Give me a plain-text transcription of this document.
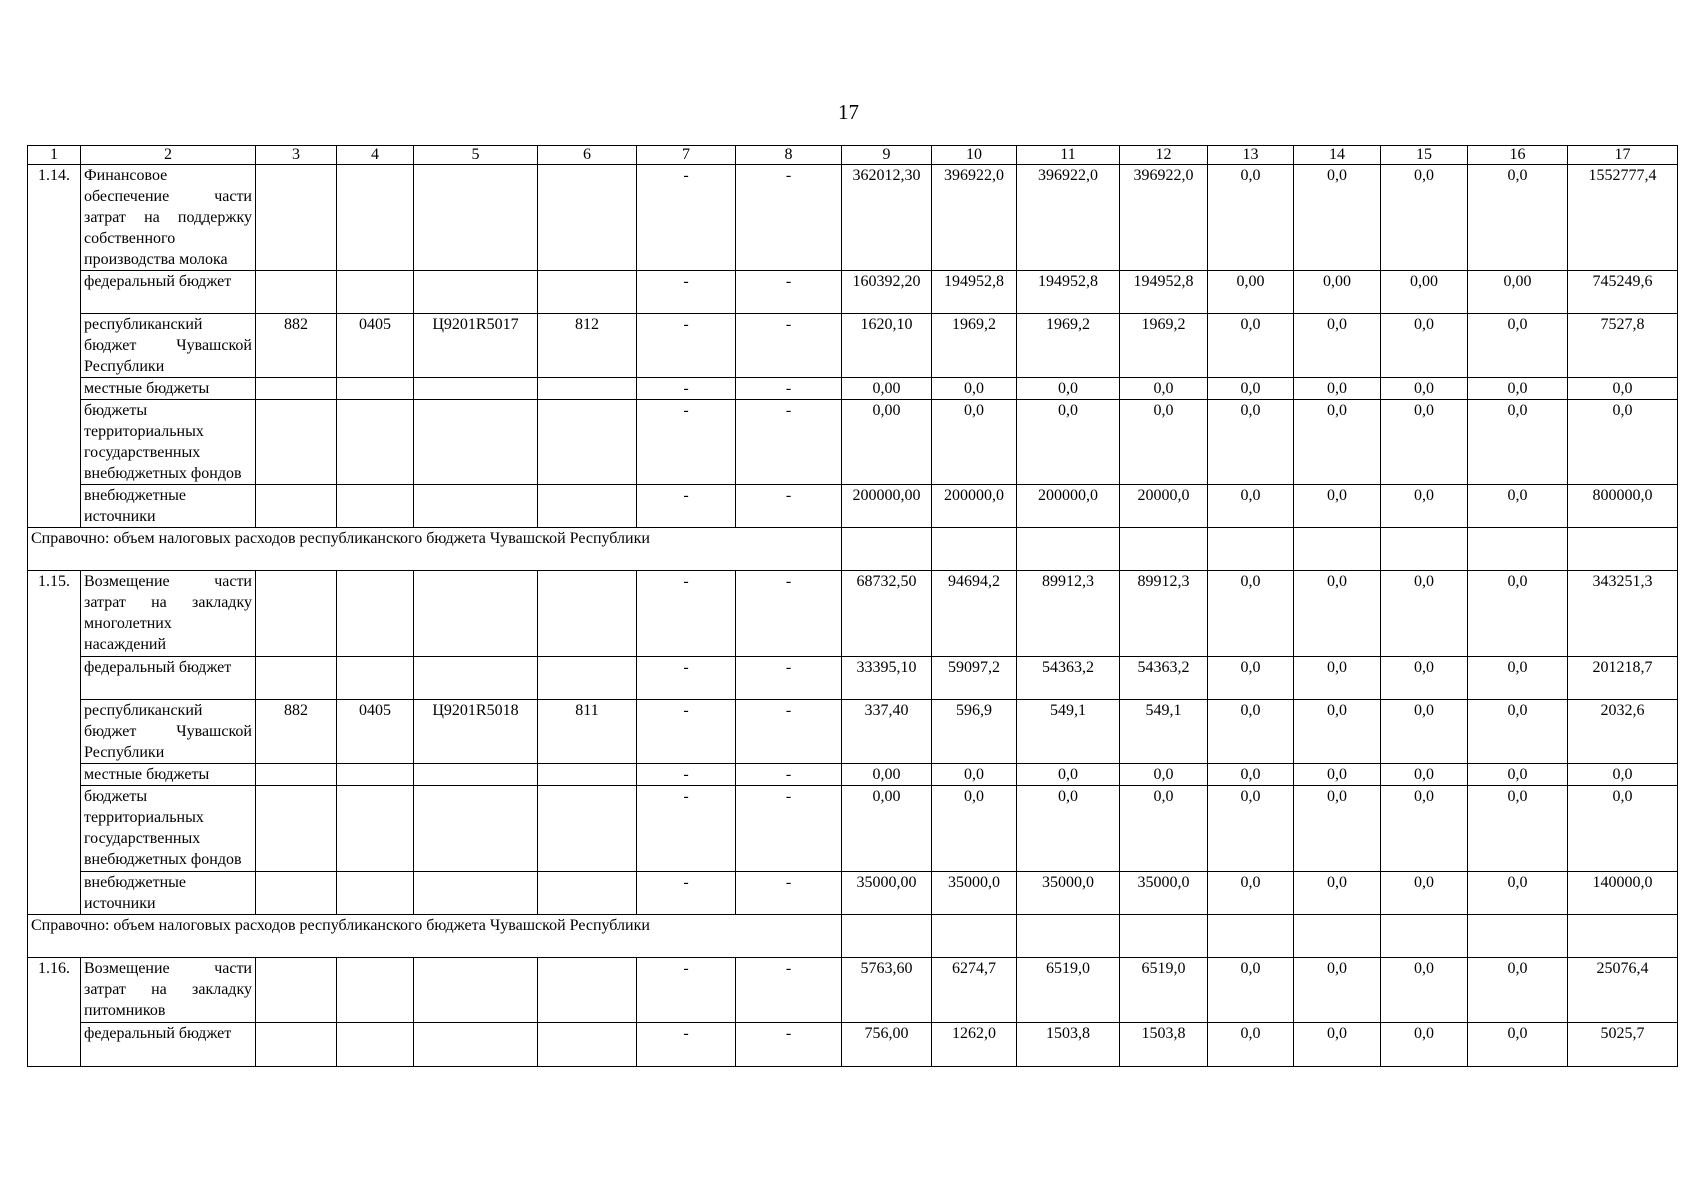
17
1	2	3	4	5	6	7	8	9	10	11	12	13	14	15	16	17
1.14.	Финансовое обеспечение части затрат на поддержку собственного производства молока					-	-	362012,30	396922,0	396922,0	396922,0	0,0	0,0	0,0	0,0	1552777,4
	федеральный бюджет					-	-	160392,20	194952,8	194952,8	194952,8	0,00	0,00	0,00	0,00	745249,6
	республиканский бюджет Чувашской Республики	882	0405	Ц9201R5017	812	-	-	1620,10	1969,2	1969,2	1969,2	0,0	0,0	0,0	0,0	7527,8
	местные бюджеты					-	-	0,00	0,0	0,0	0,0	0,0	0,0	0,0	0,0	0,0
	бюджеты территориальных государственных внебюджетных фондов					-	-	0,00	0,0	0,0	0,0	0,0	0,0	0,0	0,0	0,0
	внебюджетные источники					-	-	200000,00	200000,0	200000,0	20000,0	0,0	0,0	0,0	0,0	800000,0
Справочно: объем налоговых расходов республиканского бюджета Чувашской Республики																
1.15.	Возмещение части затрат на закладку многолетних насаждений					-	-	68732,50	94694,2	89912,3	89912,3	0,0	0,0	0,0	0,0	343251,3
	федеральный бюджет					-	-	33395,10	59097,2	54363,2	54363,2	0,0	0,0	0,0	0,0	201218,7
	республиканский бюджет Чувашской Республики	882	0405	Ц9201R5018	811	-	-	337,40	596,9	549,1	549,1	0,0	0,0	0,0	0,0	2032,6
	местные бюджеты					-	-	0,00	0,0	0,0	0,0	0,0	0,0	0,0	0,0	0,0
	бюджеты территориальных государственных внебюджетных фондов					-	-	0,00	0,0	0,0	0,0	0,0	0,0	0,0	0,0	0,0
	внебюджетные источники					-	-	35000,00	35000,0	35000,0	35000,0	0,0	0,0	0,0	0,0	140000,0
Справочно: объем налоговых расходов республиканского бюджета Чувашской Республики																
1.16.	Возмещение части затрат на закладку питомников					-	-	5763,60	6274,7	6519,0	6519,0	0,0	0,0	0,0	0,0	25076,4
	федеральный бюджет					-	-	756,00	1262,0	1503,8	1503,8	0,0	0,0	0,0	0,0	5025,7
